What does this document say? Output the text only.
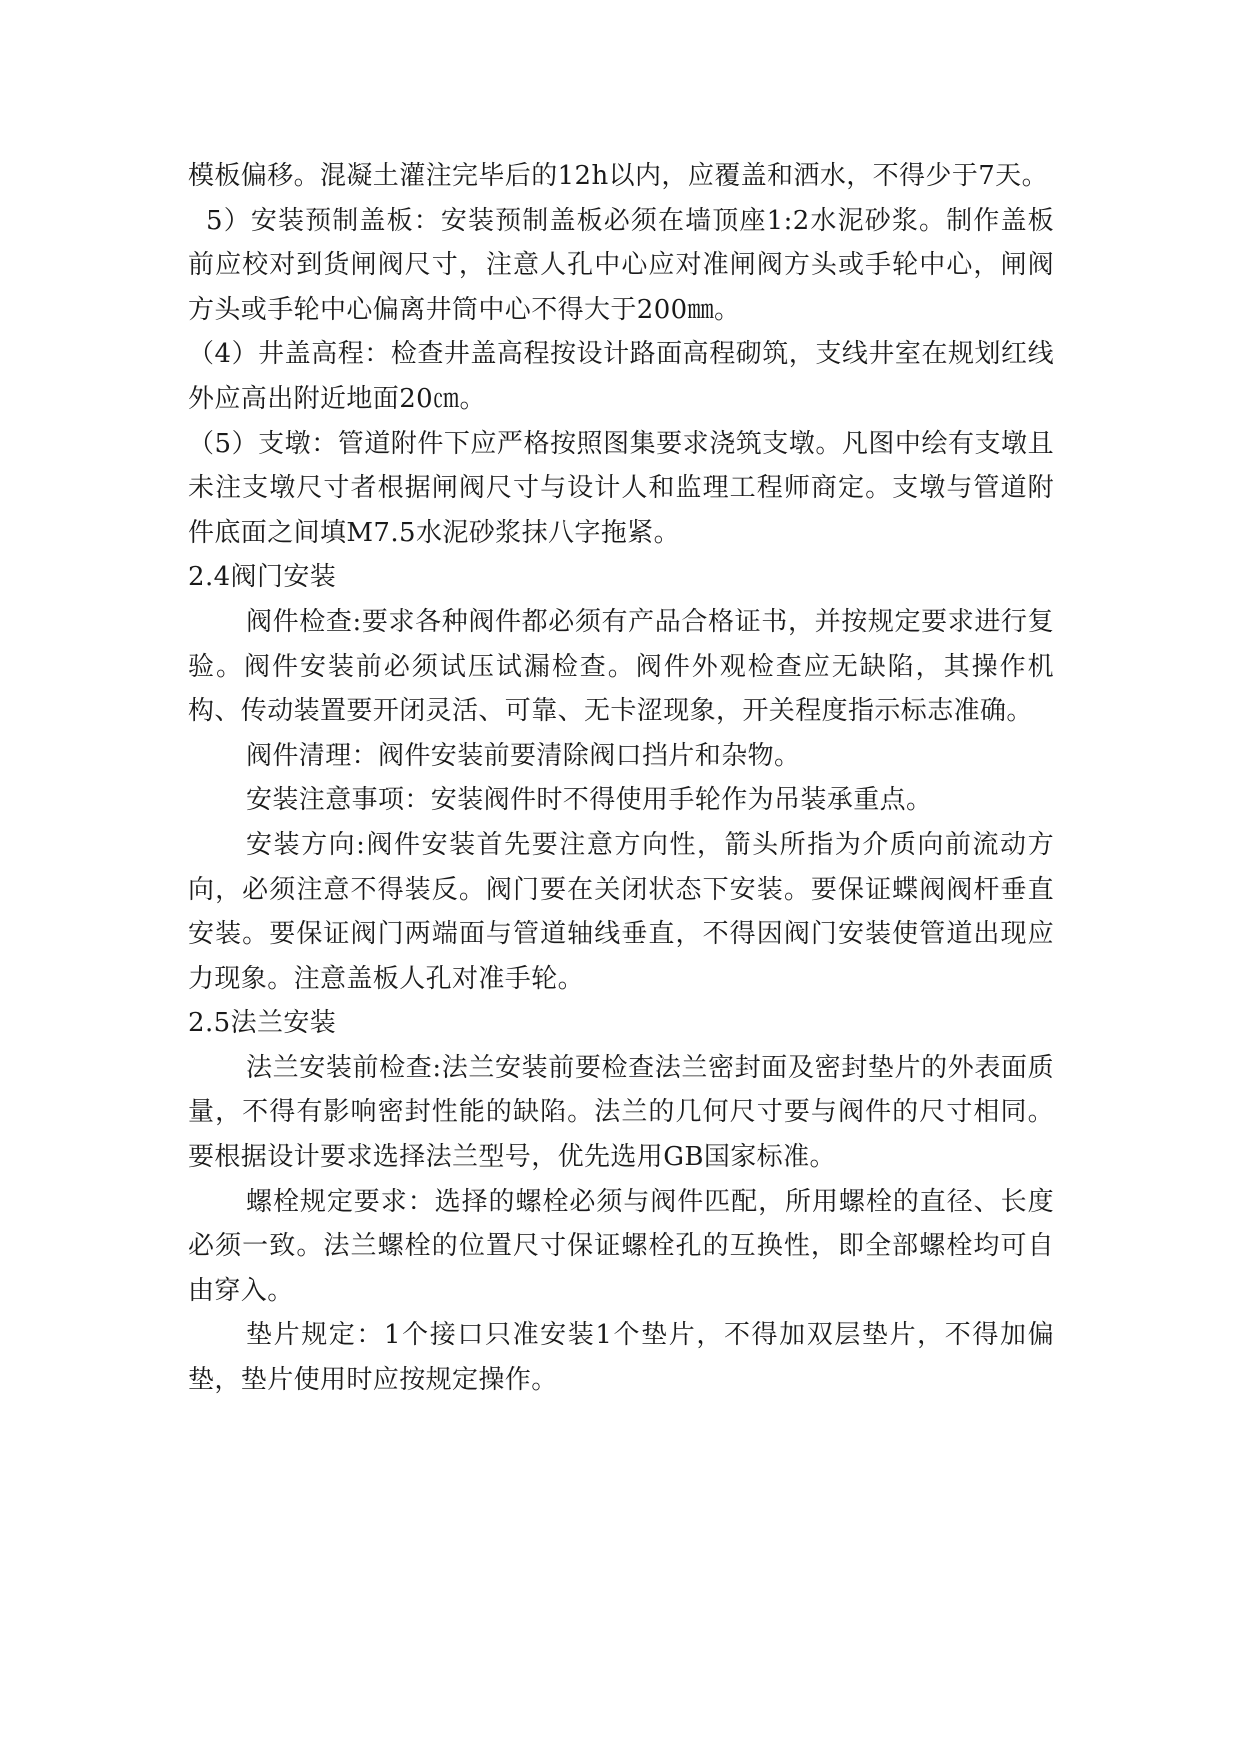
模板偏移。混凝土灌注完毕后的12h以内，应覆盖和洒水，不得少于7天。

5）安装预制盖板：安装预制盖板必须在墙顶座1:2水泥砂浆。制作盖板前应校对到货闸阀尺寸，注意人孔中心应对准闸阀方头或手轮中心，闸阀方头或手轮中心偏离井筒中心不得大于200㎜。

（4）井盖高程：检查井盖高程按设计路面高程砌筑，支线井室在规划红线外应高出附近地面20㎝。

（5）支墩：管道附件下应严格按照图集要求浇筑支墩。凡图中绘有支墩且未注支墩尺寸者根据闸阀尺寸与设计人和监理工程师商定。支墩与管道附件底面之间填M7.5水泥砂浆抹八字拖紧。

2.4阀门安装

阀件检查:要求各种阀件都必须有产品合格证书，并按规定要求进行复验。阀件安装前必须试压试漏检查。阀件外观检查应无缺陷，其操作机构、传动装置要开闭灵活、可靠、无卡涩现象，开关程度指示标志准确。

阀件清理：阀件安装前要清除阀口挡片和杂物。

安装注意事项：安装阀件时不得使用手轮作为吊装承重点。

安装方向:阀件安装首先要注意方向性，箭头所指为介质向前流动方向，必须注意不得装反。阀门要在关闭状态下安装。要保证蝶阀阀杆垂直安装。要保证阀门两端面与管道轴线垂直，不得因阀门安装使管道出现应力现象。注意盖板人孔对准手轮。

2.5法兰安装

法兰安装前检查:法兰安装前要检查法兰密封面及密封垫片的外表面质量，不得有影响密封性能的缺陷。法兰的几何尺寸要与阀件的尺寸相同。要根据设计要求选择法兰型号，优先选用GB国家标准。

螺栓规定要求：选择的螺栓必须与阀件匹配，所用螺栓的直径、长度必须一致。法兰螺栓的位置尺寸保证螺栓孔的互换性，即全部螺栓均可自由穿入。

垫片规定：1个接口只准安装1个垫片，不得加双层垫片，不得加偏垫，垫片使用时应按规定操作。
